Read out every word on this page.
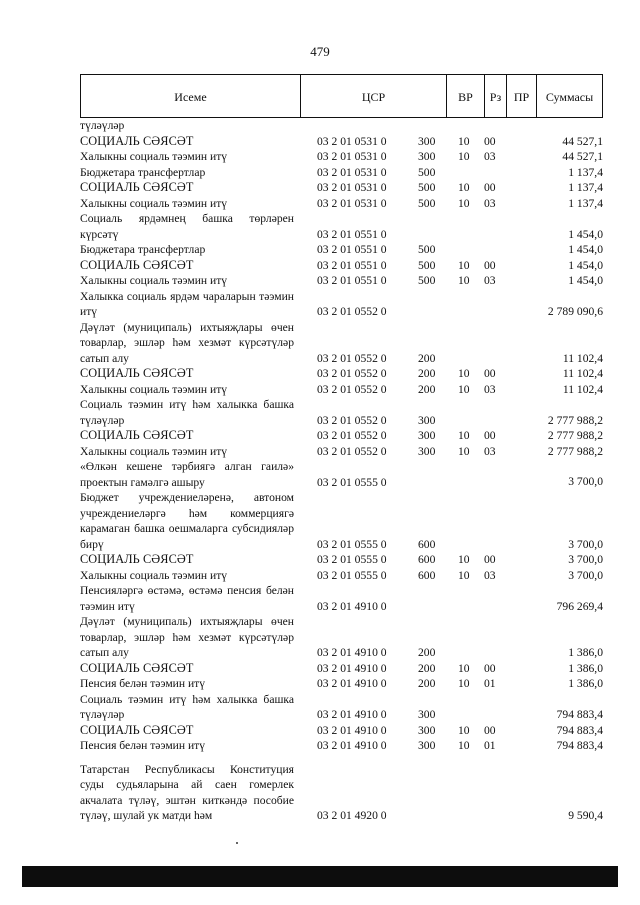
479
Исеме	ЦСР	ВР	Рз	ПР	Суммасы
түләүләр
СОЦИАЛЬ СӘЯСӘТ	03 2 01 0531 0	300 10 00	44 527,1
Халыкны социаль тәэмин итү	03 2 01 0531 0	300 10 03	44 527,1
Бюджетара трансфертлар	03 2 01 0531 0	500	1 137,4
СОЦИАЛЬ СӘЯСӘТ	03 2 01 0531 0	500 10 00	1 137,4
Халыкны социаль тәэмин итү	03 2 01 0531 0	500 10 03	1 137,4
Социаль ярдәмнең башка төрләрен күрсәтү	03 2 01 0551 0	1 454,0
Бюджетара трансфертлар	03 2 01 0551 0	500	1 454,0
СОЦИАЛЬ СӘЯСӘТ	03 2 01 0551 0	500 10 00	1 454,0
Халыкны социаль тәэмин итү	03 2 01 0551 0	500 10 03	1 454,0
Халыкка социаль ярдәм чараларын тәэмин итү	03 2 01 0552 0	2 789 090,6
Дәүләт (муниципаль) ихтыяҗлары өчен товарлар, эшләр һәм хезмәт күрсәтүләр сатып алу	03 2 01 0552 0	200	11 102,4
СОЦИАЛЬ СӘЯСӘТ	03 2 01 0552 0	200 10 00	11 102,4
Халыкны социаль тәэмин итү	03 2 01 0552 0	200 10 03	11 102,4
Социаль тәэмин итү һәм халыкка башка түләүләр	03 2 01 0552 0	300	2 777 988,2
СОЦИАЛЬ СӘЯСӘТ	03 2 01 0552 0	300 10 00	2 777 988,2
Халыкны социаль тәэмин итү	03 2 01 0552 0	300 10 03	2 777 988,2
«Өлкән кешене тәрбиягә алган гаилә» проектын гамәлгә ашыру	03 2 01 0555 0	3 700,0
Бюджет учреждениеләренә, автоном учреждениеләргә һәм коммерциягә карамаган башка оешмаларга субсидияләр бирү	03 2 01 0555 0	600	3 700,0
СОЦИАЛЬ СӘЯСӘТ	03 2 01 0555 0	600 10 00	3 700,0
Халыкны социаль тәэмин итү	03 2 01 0555 0	600 10 03	3 700,0
Пенсияләргә өстәмә, өстәмә пенсия белән тәэмин итү	03 2 01 4910 0	796 269,4
Дәүләт (муниципаль) ихтыяҗлары өчен товарлар, эшләр һәм хезмәт күрсәтүләр сатып алу	03 2 01 4910 0	200	1 386,0
СОЦИАЛЬ СӘЯСӘТ	03 2 01 4910 0	200 10 00	1 386,0
Пенсия белән тәэмин итү	03 2 01 4910 0	200 10 01	1 386,0
Социаль тәэмин итү һәм халыкка башка түләүләр	03 2 01 4910 0	300	794 883,4
СОЦИАЛЬ СӘЯСӘТ	03 2 01 4910 0	300 10 00	794 883,4
Пенсия белән тәэмин итү	03 2 01 4910 0	300 10 01	794 883,4
Татарстан Республикасы Конституция суды судьяларына ай саен гомерлек акчалата түләү, эштән киткәндә пособие түләү, шулай ук матди һәм	03 2 01 4920 0	9 590,4
